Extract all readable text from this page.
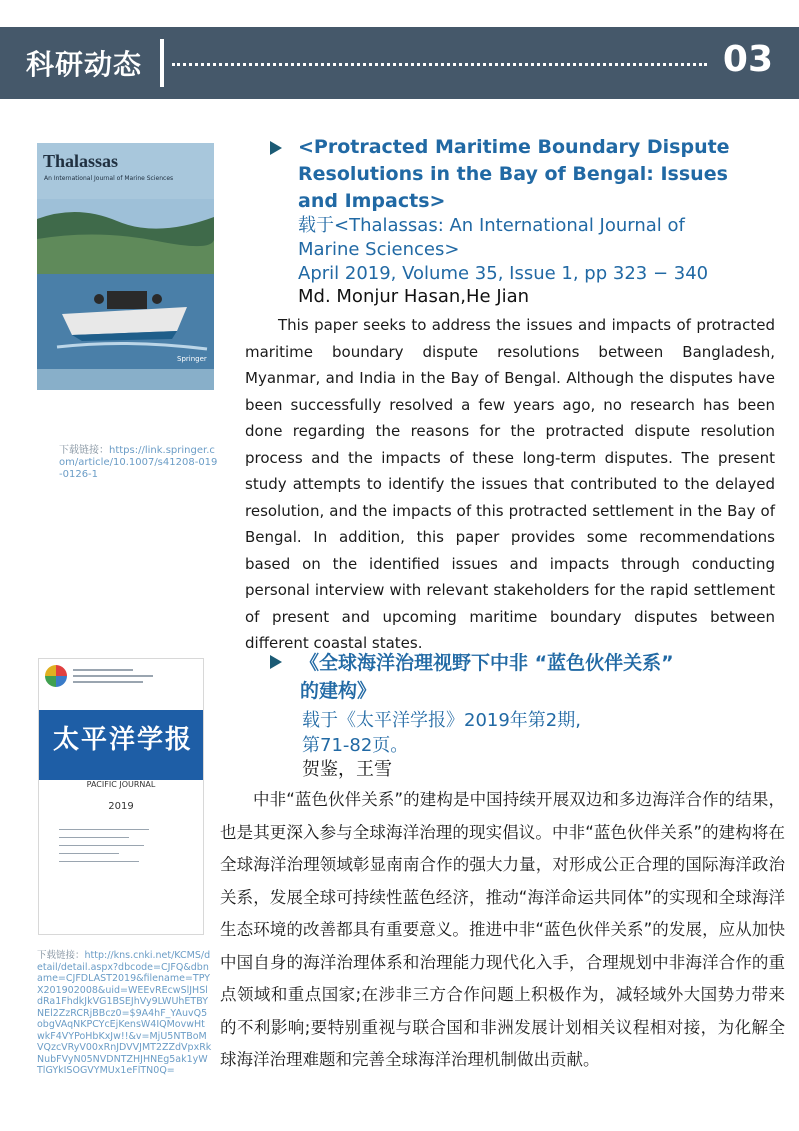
科研动态	03
Thalassas
An International Journal of Marine Sciences
Springer
下载链接：https://link.springer.com/article/10.1007/s41208-019-0126-1
<Protracted Maritime Boundary Dispute
Resolutions in the Bay of Bengal: Issues
and Impacts>
载于<Thalassas: An International Journal of
Marine Sciences>
April 2019, Volume 35, Issue 1, pp 323 − 340
Md. Monjur Hasan,He Jian

This paper seeks to address the issues and impacts of protracted maritime boundary dispute resolutions between Bangladesh, Myanmar, and India in the Bay of Bengal. Although the disputes have been successfully resolved a few years ago, no research has been done regarding the reasons for the protracted dispute resolution process and the impacts of these long-term disputes. The present study attempts to identify the issues that contributed to the delayed resolution, and the impacts of this protracted settlement in the Bay of Bengal. In addition, this paper provides some recommendations based on the identified issues and impacts through conducting personal interview with relevant stakeholders for the rapid settlement of present and upcoming maritime boundary disputes between different coastal states.

太平洋学报
PACIFIC JOURNAL
2019
下载链接：http://kns.cnki.net/KCMS/detail/detail.aspx?dbcode=CJFQ&dbname=CJFDLAST2019&filename=TPYX201902008&uid=WEEvREcwSlJHSldRa1FhdkJkVG1BSEJhVy9LWUhETBYNEl2ZzRCRjBBcz0=$9A4hF_YAuvQ5obgVAqNKPCYcEjKensW4IQMovwHtwkF4VYPoHbKxJw!!&v=MjU5NTBoMVQzcVRyV00xRnJDVVJMT2ZZdVpxRkNubFVyN05NVDNTZHJHNEg5ak1yWTlGYkISOGVYMUx1eFlTN0Q=
《全球海洋治理视野下中非 “蓝色伙伴关系”
的建构》
载于《太平洋学报》2019年第2期,
第71-82页。
贺鉴，王雪

中非“蓝色伙伴关系”的建构是中国持续开展双边和多边海洋合作的结果，也是其更深入参与全球海洋治理的现实倡议。中非“蓝色伙伴关系”的建构将在全球海洋治理领域彰显南南合作的强大力量，对形成公正合理的国际海洋政治关系，发展全球可持续性蓝色经济，推动“海洋命运共同体”的实现和全球海洋生态环境的改善都具有重要意义。推进中非“蓝色伙伴关系”的发展，应从加快中国自身的海洋治理体系和治理能力现代化入手，合理规划中非海洋合作的重点领域和重点国家;在涉非三方合作问题上积极作为，减轻域外大国势力带来的不利影响;要特别重视与联合国和非洲发展计划相关议程相对接，为化解全球海洋治理难题和完善全球海洋治理机制做出贡献。
